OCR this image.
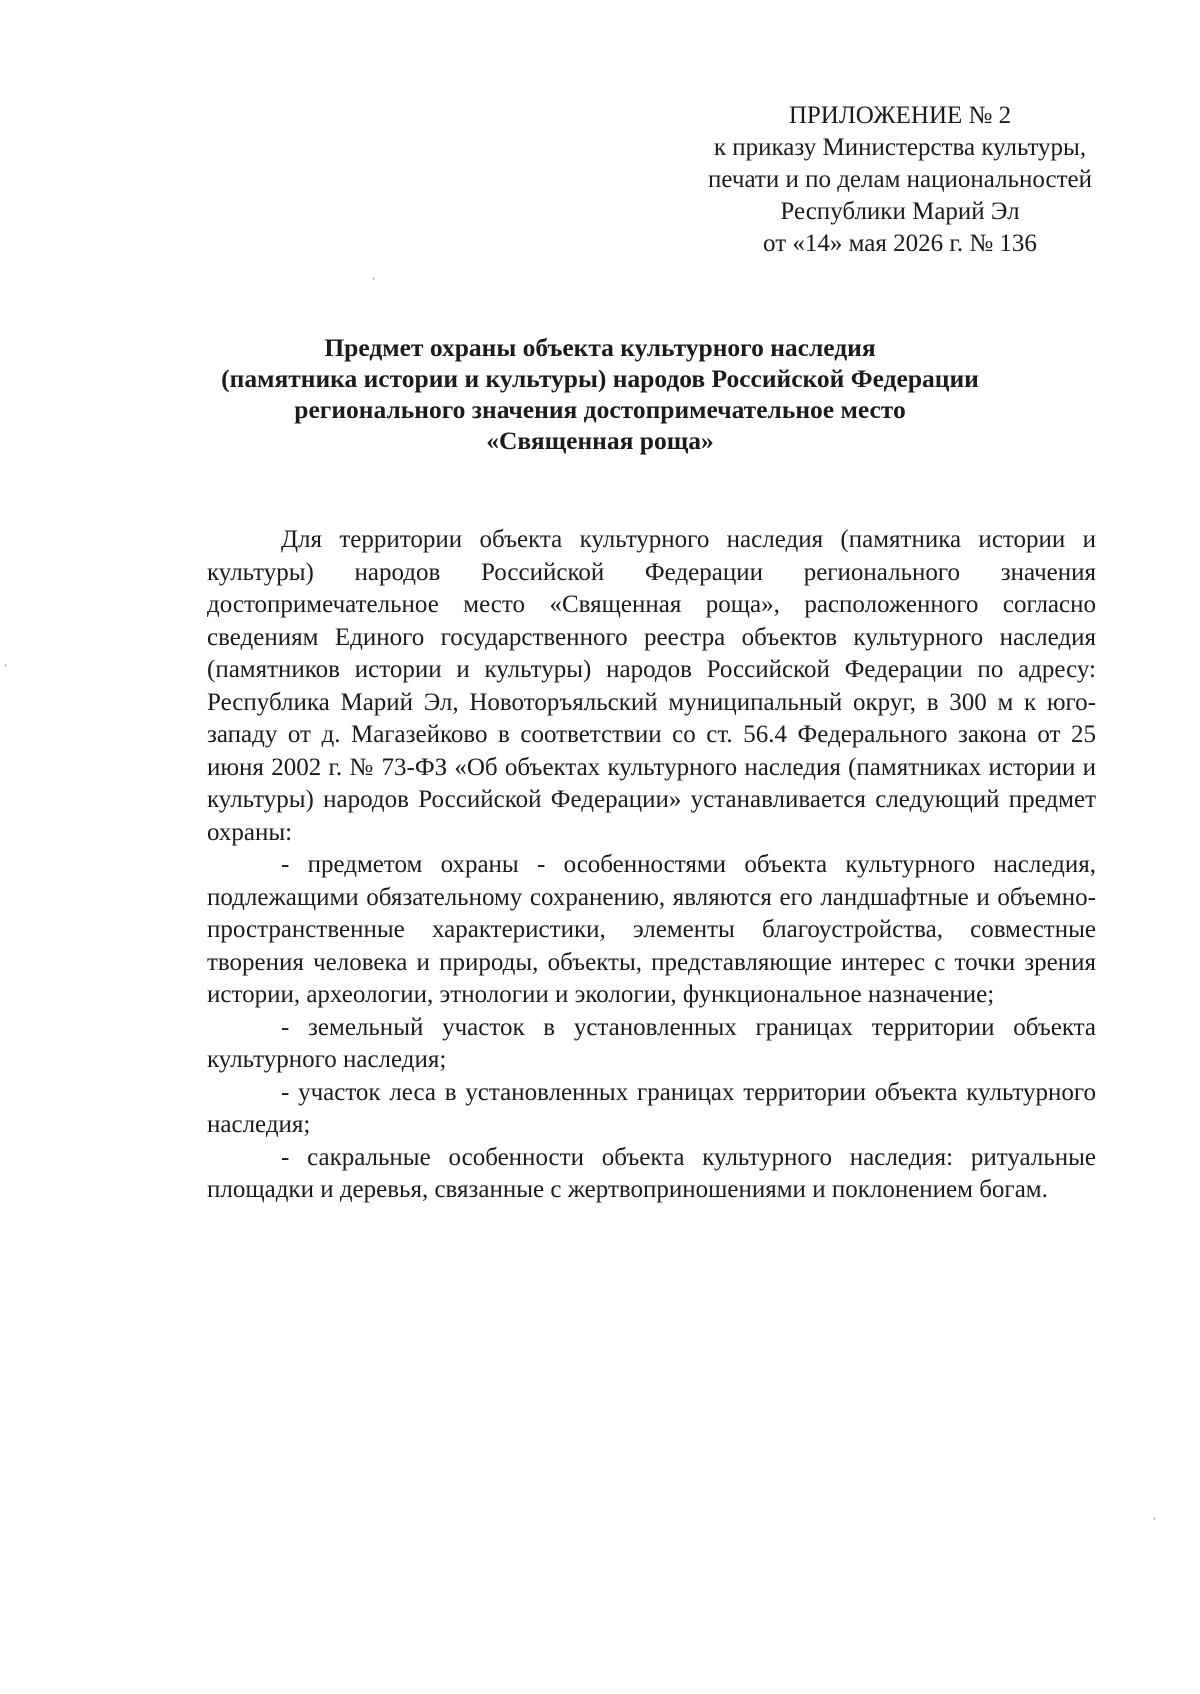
ПРИЛОЖЕНИЕ № 2
к приказу Министерства культуры,
печати и по делам национальностей
Республики Марий Эл
от «14» мая 2026 г. № 136
Предмет охраны объекта культурного наследия
(памятника истории и культуры) народов Российской Федерации
регионального значения достопримечательное место
«Священная роща»

Для территории объекта культурного наследия (памятника истории и культуры) народов Российской Федерации регионального значения достопримечательное место «Священная роща», расположенного согласно сведениям Единого государственного реестра объектов культурного наследия (памятников истории и культуры) народов Российской Федерации по адресу: Республика Марий Эл, Новоторъяльский муниципальный округ, в 300 м к юго-западу от д. Магазейково в соответствии со ст. 56.4 Федерального закона от 25 июня 2002 г. № 73-ФЗ «Об объектах культурного наследия (памятниках истории и культуры) народов Российской Федерации» устанавливается следующий предмет охраны:

- предметом охраны - особенностями объекта культурного наследия, подлежащими обязательному сохранению, являются его ландшафтные и объемно-пространственные характеристики, элементы благоустройства, совместные творения человека и природы, объекты, представляющие интерес с точки зрения истории, археологии, этнологии и экологии, функциональное назначение;

- земельный участок в установленных границах территории объекта культурного наследия;

- участок леса в установленных границах территории объекта культурного наследия;

- сакральные особенности объекта культурного наследия: ритуальные площадки и деревья, связанные с жертвоприношениями и поклонением богам.
